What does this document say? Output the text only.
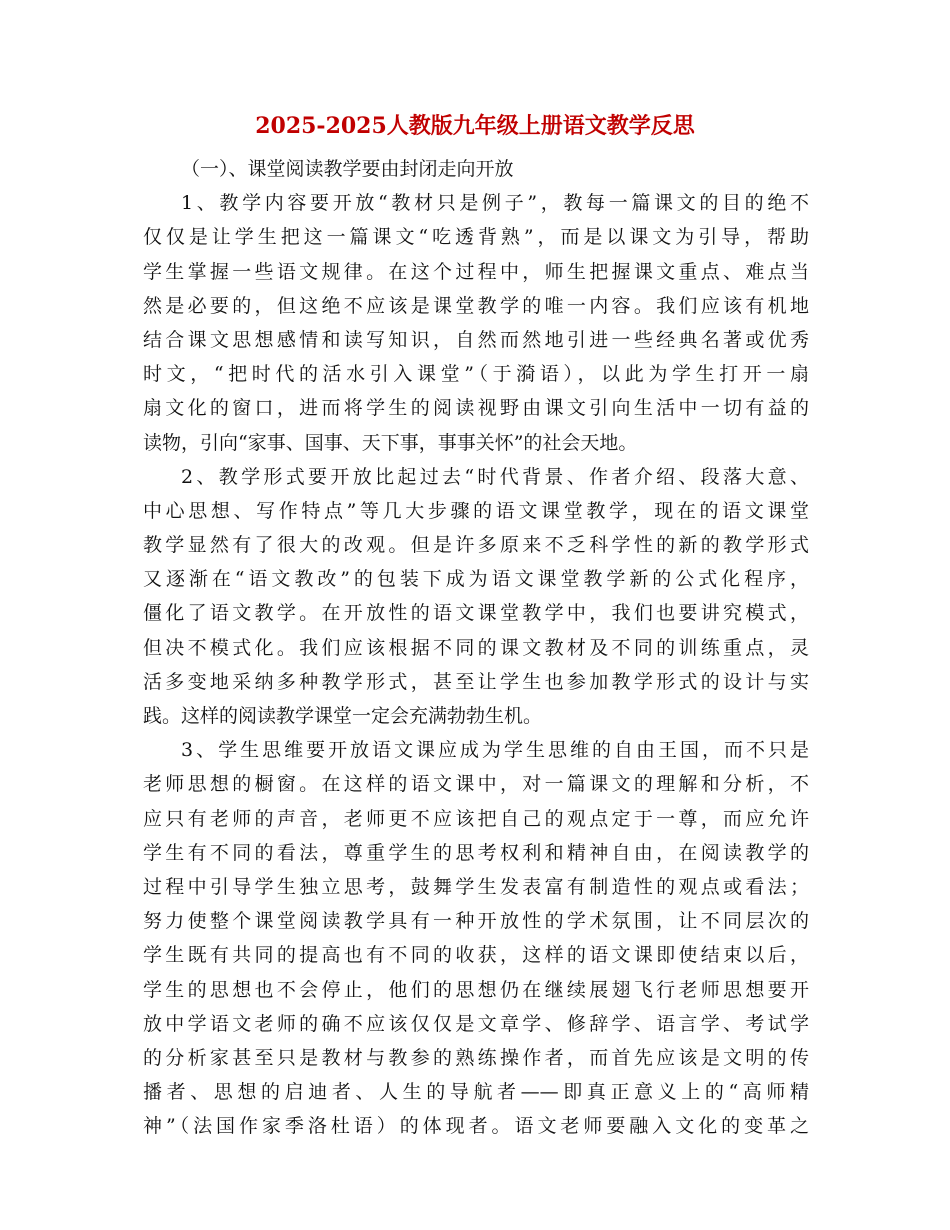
2025-2025人教版九年级上册语文教学反思
（一）、课堂阅读教学要由封闭走向开放
1、教学内容要开放“教材只是例子”，教每一篇课文的目的绝不
仅仅是让学生把这一篇课文“吃透背熟”，而是以课文为引导，帮助
学生掌握一些语文规律。在这个过程中，师生把握课文重点、难点当
然是必要的，但这绝不应该是课堂教学的唯一内容。我们应该有机地
结合课文思想感情和读写知识，自然而然地引进一些经典名著或优秀
时文，“把时代的活水引入课堂”（于漪语），以此为学生打开一扇
扇文化的窗口，进而将学生的阅读视野由课文引向生活中一切有益的
读物，引向“家事、国事、天下事，事事关怀”的社会天地。
2、教学形式要开放比起过去“时代背景、作者介绍、段落大意、
中心思想、写作特点”等几大步骤的语文课堂教学，现在的语文课堂
教学显然有了很大的改观。但是许多原来不乏科学性的新的教学形式
又逐渐在“语文教改”的包装下成为语文课堂教学新的公式化程序，
僵化了语文教学。在开放性的语文课堂教学中，我们也要讲究模式，
但决不模式化。我们应该根据不同的课文教材及不同的训练重点，灵
活多变地采纳多种教学形式，甚至让学生也参加教学形式的设计与实
践。这样的阅读教学课堂一定会充满勃勃生机。
3、学生思维要开放语文课应成为学生思维的自由王国，而不只是
老师思想的橱窗。在这样的语文课中，对一篇课文的理解和分析，不
应只有老师的声音，老师更不应该把自己的观点定于一尊，而应允许
学生有不同的看法，尊重学生的思考权利和精神自由，在阅读教学的
过程中引导学生独立思考，鼓舞学生发表富有制造性的观点或看法；
努力使整个课堂阅读教学具有一种开放性的学术氛围，让不同层次的
学生既有共同的提高也有不同的收获，这样的语文课即使结束以后，
学生的思想也不会停止，他们的思想仍在继续展翅飞行老师思想要开
放中学语文老师的确不应该仅仅是文章学、修辞学、语言学、考试学
的分析家甚至只是教材与教参的熟练操作者，而首先应该是文明的传
播者、思想的启迪者、人生的导航者——即真正意义上的“高师精
神”（法国作家季洛杜语）的体现者。语文老师要融入文化的变革之
